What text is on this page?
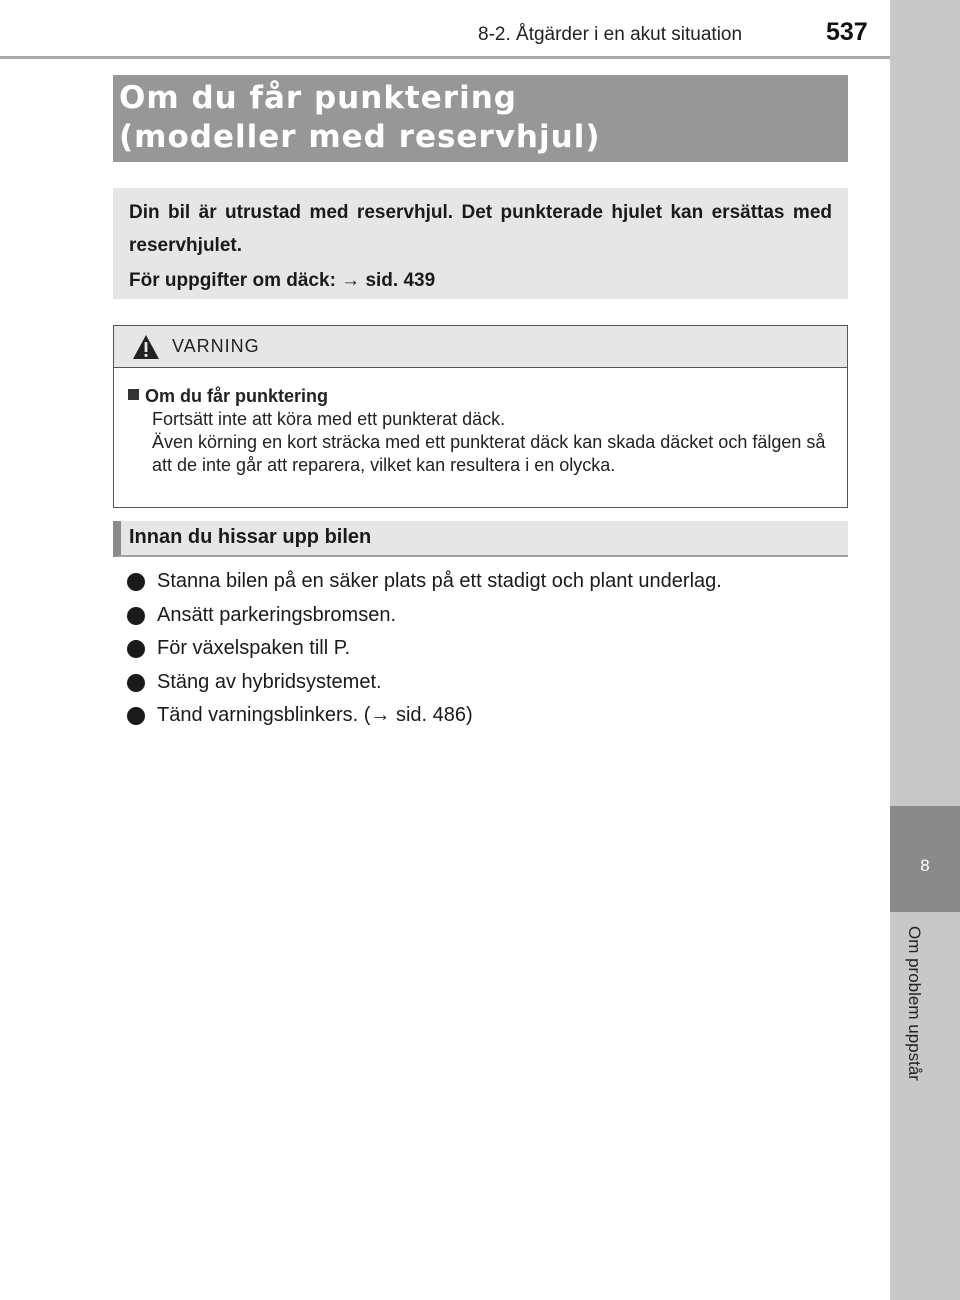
8-2. Åtgärder i en akut situation	537
8
Om problem uppstår
Om du får punktering
(modeller med reservhjul)

Din bil är utrustad med reservhjul. Det punkterade hjulet kan ersättas med reservhjulet.

För uppgifter om däck: → sid. 439

VARNING
Om du får punktering

Fortsätt inte att köra med ett punkterat däck.

Även körning en kort sträcka med ett punkterat däck kan skada däcket och fälgen så att de inte går att reparera, vilket kan resultera i en olycka.

Innan du hissar upp bilen
Stanna bilen på en säker plats på ett stadigt och plant underlag.
Ansätt parkeringsbromsen.
För växelspaken till P.
Stäng av hybridsystemet.
Tänd varningsblinkers. (→ sid. 486)
